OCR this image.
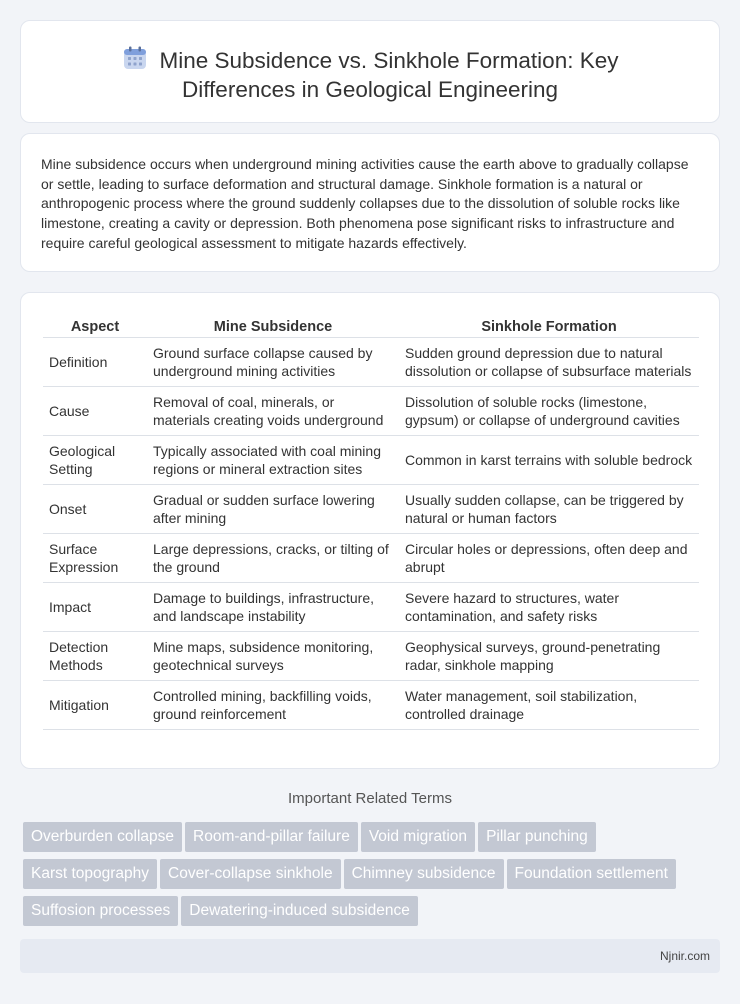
Mine Subsidence vs. Sinkhole Formation: Key
Differences in Geological Engineering

Mine subsidence occurs when underground mining activities cause the earth above to gradually collapse or settle, leading to surface deformation and structural damage. Sinkhole formation is a natural or anthropogenic process where the ground suddenly collapses due to the dissolution of soluble rocks like limestone, creating a cavity or depression. Both phenomena pose significant risks to infrastructure and require careful geological assessment to mitigate hazards effectively.

Aspect	Mine Subsidence	Sinkhole Formation
Definition	Ground surface collapse caused by underground mining activities	Sudden ground depression due to natural dissolution or collapse of subsurface materials
Cause	Removal of coal, minerals, or materials creating voids underground	Dissolution of soluble rocks (limestone, gypsum) or collapse of underground cavities
Geological Setting	Typically associated with coal mining regions or mineral extraction sites	Common in karst terrains with soluble bedrock
Onset	Gradual or sudden surface lowering after mining	Usually sudden collapse, can be triggered by natural or human factors
Surface Expression	Large depressions, cracks, or tilting of the ground	Circular holes or depressions, often deep and abrupt
Impact	Damage to buildings, infrastructure, and landscape instability	Severe hazard to structures, water contamination, and safety risks
Detection Methods	Mine maps, subsidence monitoring, geotechnical surveys	Geophysical surveys, ground-penetrating radar, sinkhole mapping
Mitigation	Controlled mining, backfilling voids, ground reinforcement	Water management, soil stabilization, controlled drainage
Important Related Terms
Overburden collapse Room-and-pillar failure Void migration Pillar punching
Karst topography Cover-collapse sinkhole Chimney subsidence Foundation settlement
Suffosion processes Dewatering-induced subsidence
Njnir.com
